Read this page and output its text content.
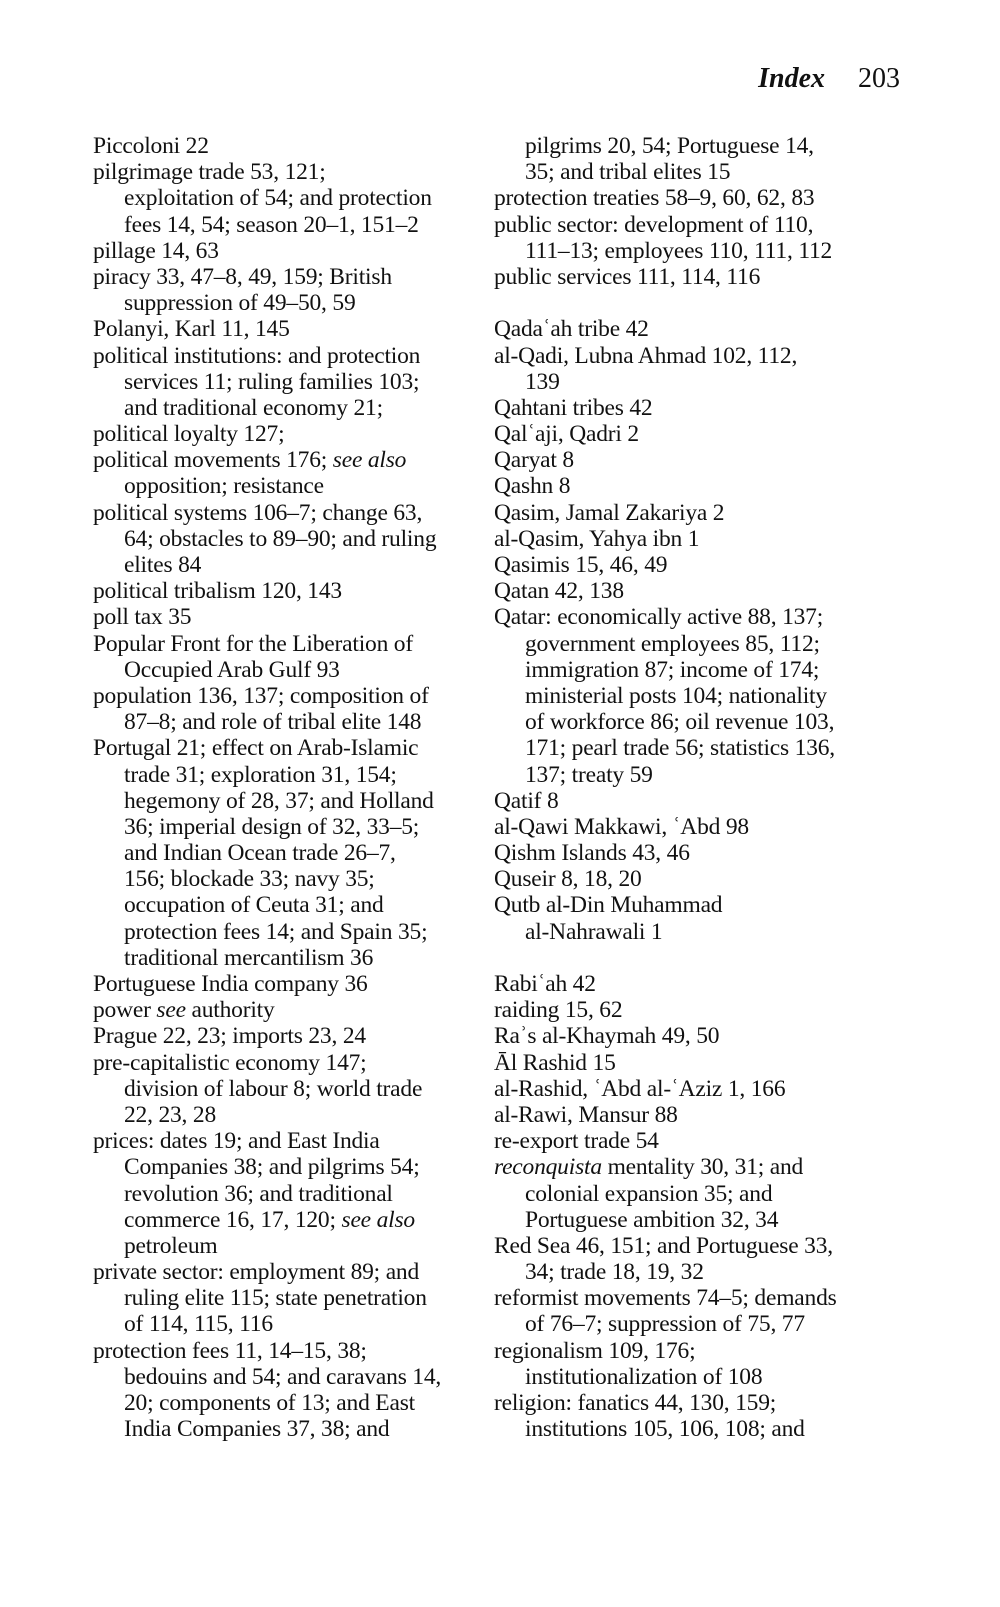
Index 203
Piccoloni 22
pilgrimage trade 53, 121;
exploitation of 54; and protection
fees 14, 54; season 20–1, 151–2
pillage 14, 63
piracy 33, 47–8, 49, 159; British
suppression of 49–50, 59
Polanyi, Karl 11, 145
political institutions: and protection
services 11; ruling families 103;
and traditional economy 21;
political loyalty 127;
political movements 176; see also
opposition; resistance
political systems 106–7; change 63,
64; obstacles to 89–90; and ruling
elites 84
political tribalism 120, 143
poll tax 35
Popular Front for the Liberation of
Occupied Arab Gulf 93
population 136, 137; composition of
87–8; and role of tribal elite 148
Portugal 21; effect on Arab-Islamic
trade 31; exploration 31, 154;
hegemony of 28, 37; and Holland
36; imperial design of 32, 33–5;
and Indian Ocean trade 26–7,
156; blockade 33; navy 35;
occupation of Ceuta 31; and
protection fees 14; and Spain 35;
traditional mercantilism 36
Portuguese India company 36
power see authority
Prague 22, 23; imports 23, 24
pre-capitalistic economy 147;
division of labour 8; world trade
22, 23, 28
prices: dates 19; and East India
Companies 38; and pilgrims 54;
revolution 36; and traditional
commerce 16, 17, 120; see also
petroleum
private sector: employment 89; and
ruling elite 115; state penetration
of 114, 115, 116
protection fees 11, 14–15, 38;
bedouins and 54; and caravans 14,
20; components of 13; and East
India Companies 37, 38; and
pilgrims 20, 54; Portuguese 14,
35; and tribal elites 15
protection treaties 58–9, 60, 62, 83
public sector: development of 110,
111–13; employees 110, 111, 112
public services 111, 114, 116
Qadaʿah tribe 42
al-Qadi, Lubna Ahmad 102, 112,
139
Qahtani tribes 42
Qalʿaji, Qadri 2
Qaryat 8
Qashn 8
Qasim, Jamal Zakariya 2
al-Qasim, Yahya ibn 1
Qasimis 15, 46, 49
Qatan 42, 138
Qatar: economically active 88, 137;
government employees 85, 112;
immigration 87; income of 174;
ministerial posts 104; nationality
of workforce 86; oil revenue 103,
171; pearl trade 56; statistics 136,
137; treaty 59
Qatif 8
al-Qawi Makkawi, ʿAbd 98
Qishm Islands 43, 46
Quseir 8, 18, 20
Qutb al-Din Muhammad
al-Nahrawali 1
Rabiʿah 42
raiding 15, 62
Raʾs al-Khaymah 49, 50
Āl Rashid 15
al-Rashid, ʿAbd al-ʿAziz 1, 166
al-Rawi, Mansur 88
re-export trade 54
reconquista mentality 30, 31; and
colonial expansion 35; and
Portuguese ambition 32, 34
Red Sea 46, 151; and Portuguese 33,
34; trade 18, 19, 32
reformist movements 74–5; demands
of 76–7; suppression of 75, 77
regionalism 109, 176;
institutionalization of 108
religion: fanatics 44, 130, 159;
institutions 105, 106, 108; and
